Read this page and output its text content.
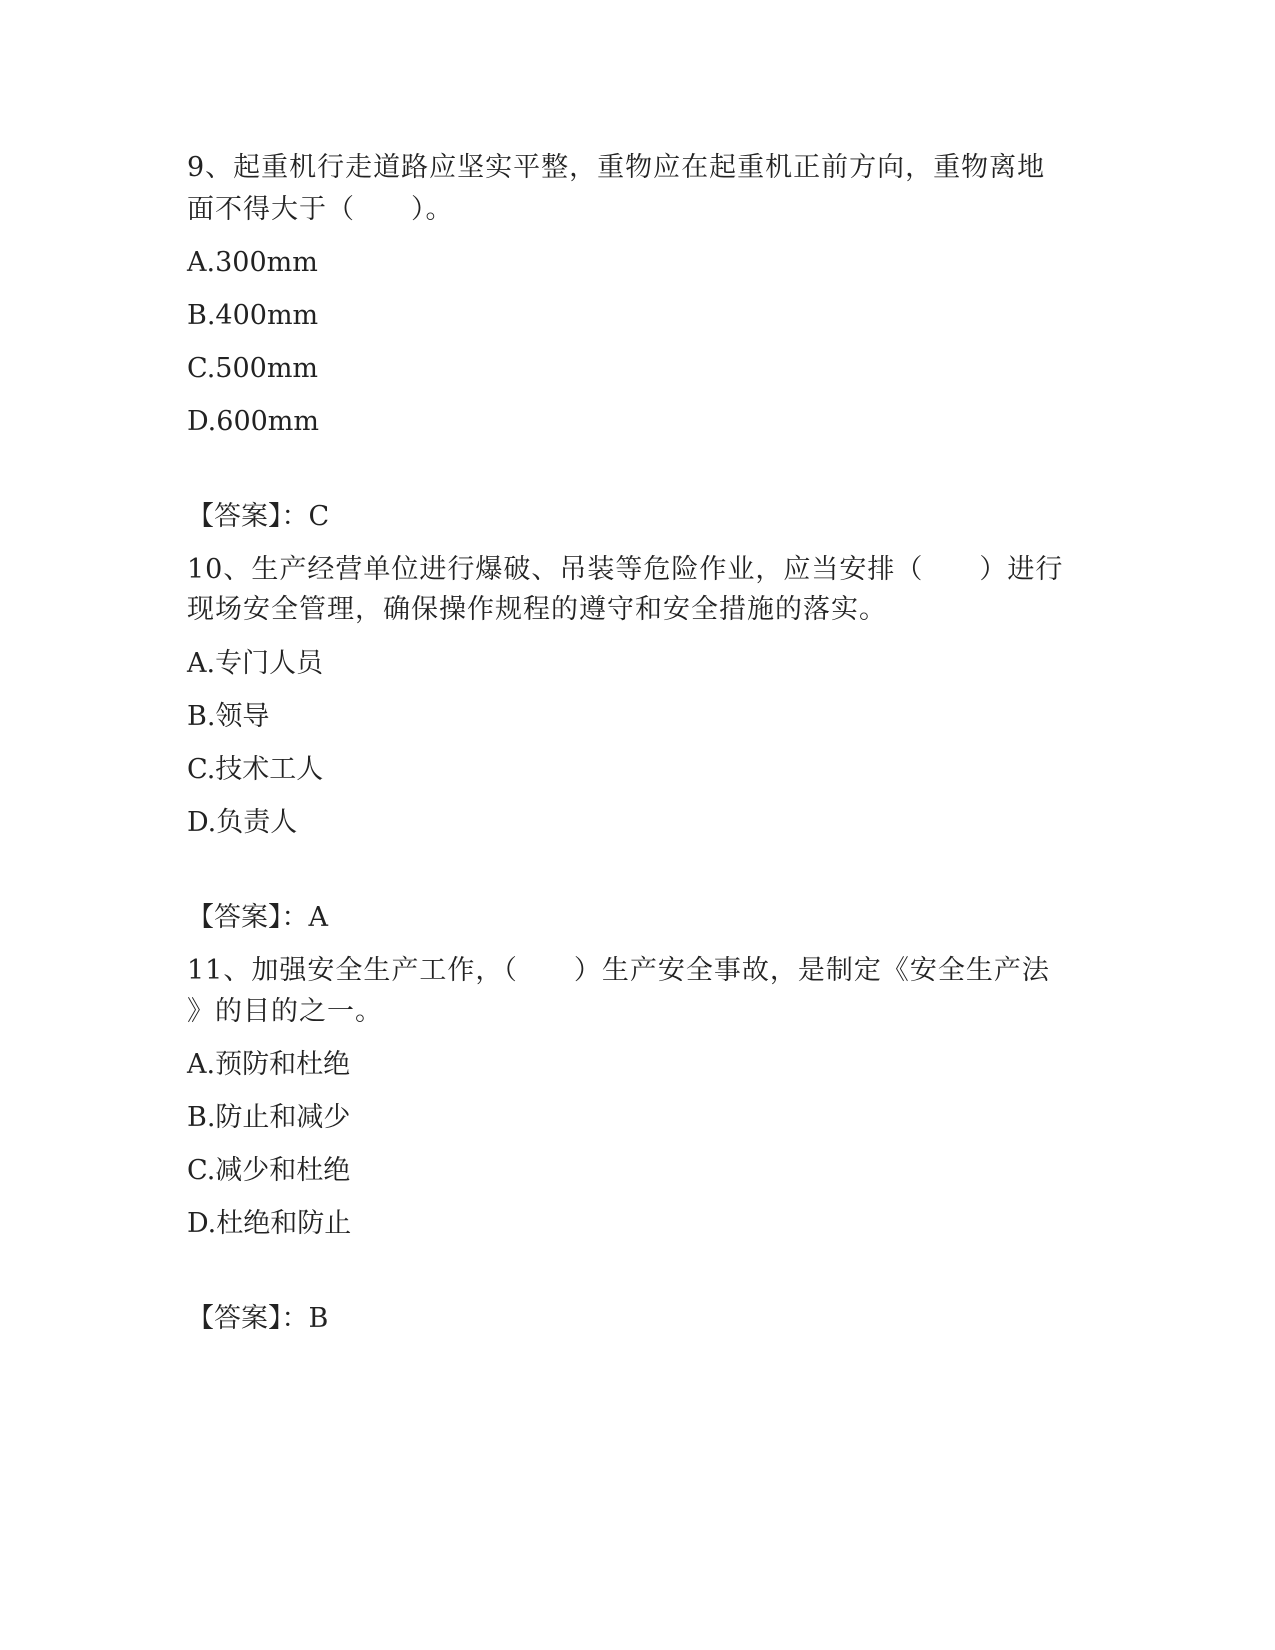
9、起重机行走道路应坚实平整，重物应在起重机正前方向，重物离地
面不得大于（　　）。
A.300mm
B.400mm
C.500mm
D.600mm
【答案】：C
10、生产经营单位进行爆破、吊装等危险作业，应当安排（　　）进行
现场安全管理，确保操作规程的遵守和安全措施的落实。
A.专门人员
B.领导
C.技术工人
D.负责人
【答案】：A
11、加强安全生产工作，（　　）生产安全事故，是制定《安全生产法
》的目的之一。
A.预防和杜绝
B.防止和减少
C.减少和杜绝
D.杜绝和防止
【答案】：B
